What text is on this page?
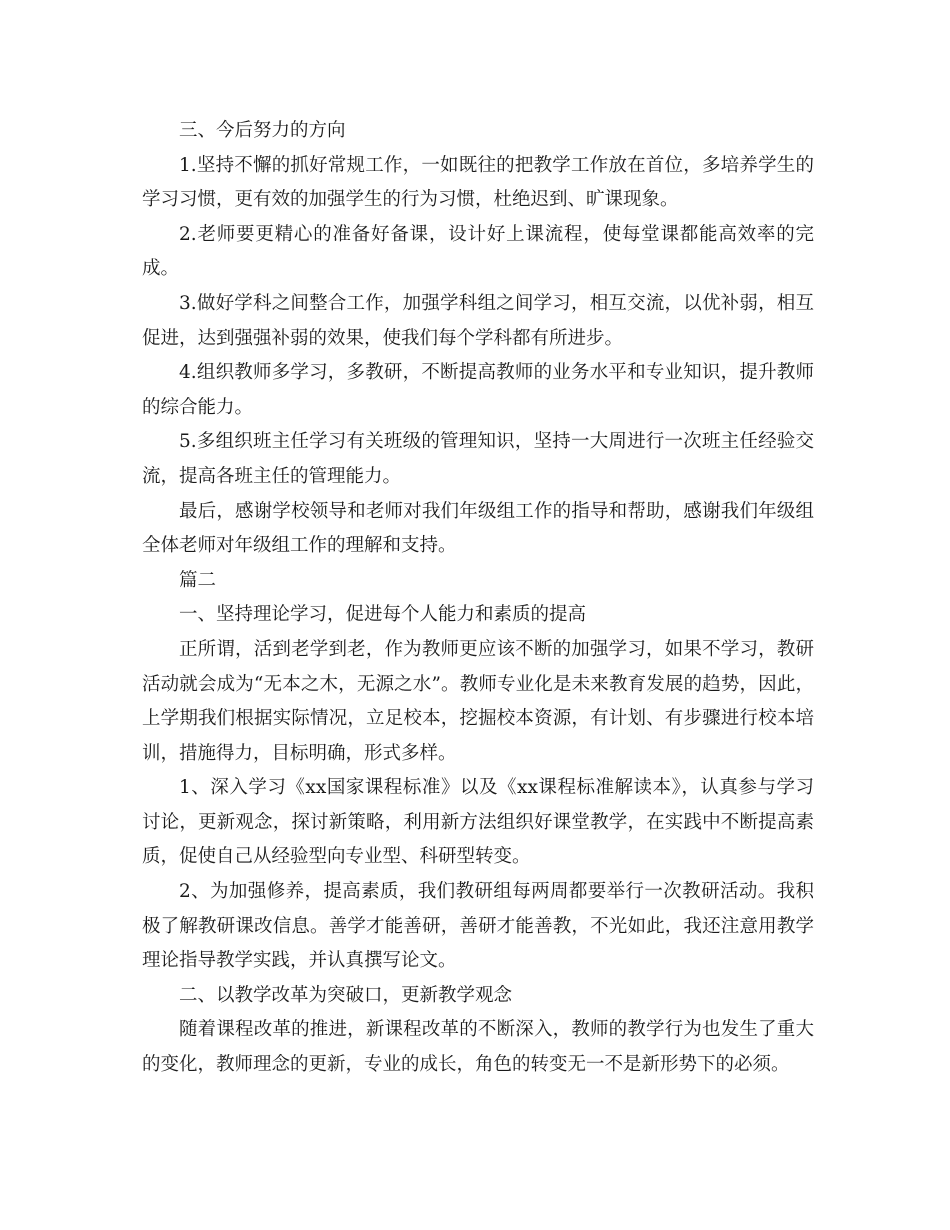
三、今后努力的方向

1.坚持不懈的抓好常规工作，一如既往的把教学工作放在首位，多培养学生的学习习惯，更有效的加强学生的行为习惯，杜绝迟到、旷课现象。

2.老师要更精心的准备好备课，设计好上课流程，使每堂课都能高效率的完成。

3.做好学科之间整合工作，加强学科组之间学习，相互交流，以优补弱，相互促进，达到强强补弱的效果，使我们每个学科都有所进步。

4.组织教师多学习，多教研，不断提高教师的业务水平和专业知识，提升教师的综合能力。

5.多组织班主任学习有关班级的管理知识，坚持一大周进行一次班主任经验交流，提高各班主任的管理能力。

最后，感谢学校领导和老师对我们年级组工作的指导和帮助，感谢我们年级组全体老师对年级组工作的理解和支持。

篇二

一、坚持理论学习，促进每个人能力和素质的提高

正所谓，活到老学到老，作为教师更应该不断的加强学习，如果不学习，教研活动就会成为“无本之木，无源之水”。教师专业化是未来教育发展的趋势，因此，上学期我们根据实际情况，立足校本，挖掘校本资源，有计划、有步骤进行校本培训，措施得力，目标明确，形式多样。

1、深入学习《xx国家课程标准》以及《xx课程标准解读本》，认真参与学习讨论，更新观念，探讨新策略，利用新方法组织好课堂教学，在实践中不断提高素质，促使自己从经验型向专业型、科研型转变。

2、为加强修养，提高素质，我们教研组每两周都要举行一次教研活动。我积极了解教研课改信息。善学才能善研，善研才能善教，不光如此，我还注意用教学理论指导教学实践，并认真撰写论文。

二、以教学改革为突破口，更新教学观念

随着课程改革的推进，新课程改革的不断深入，教师的教学行为也发生了重大的变化，教师理念的更新，专业的成长，角色的转变无一不是新形势下的必须。
